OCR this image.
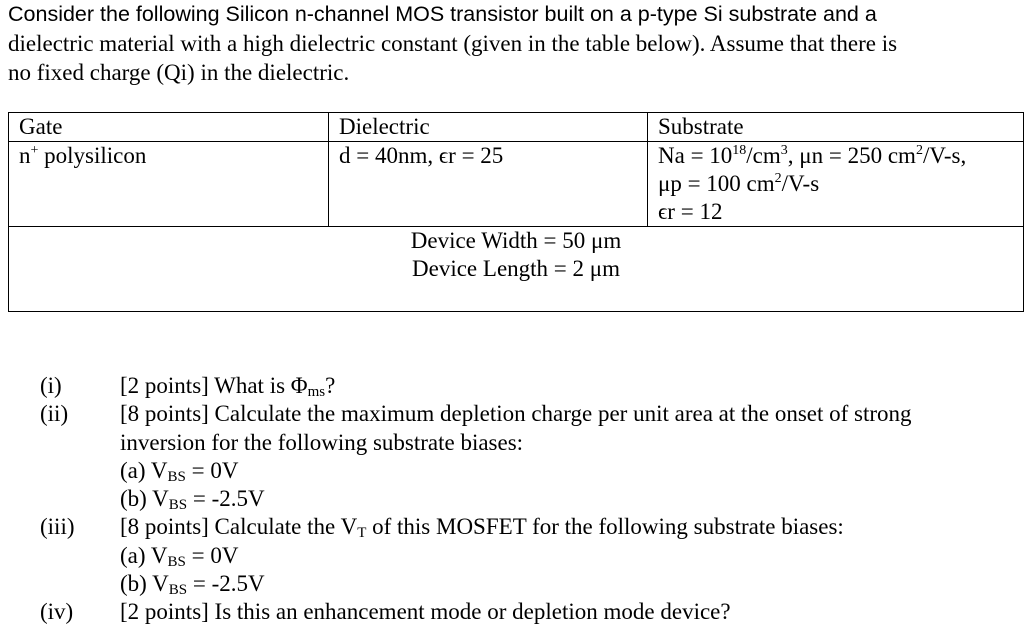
Consider the following Silicon n-channel MOS transistor built on a p-type Si substrate and a
dielectric material with a high dielectric constant (given in the table below). Assume that there is
no fixed charge (Qi) in the dielectric.
Gate	Dielectric	Substrate
n+ polysilicon	d = 40nm, ϵr = 25	$Na = 10^{18}/cm^3$, μn = 250 $cm^2/V-s$,
μp = 100 $cm^2/V-s$
ϵr = 12

Device Width = 50 μm
Device Length = 2 μm		
(i)	[2 points] What is $\Phi_{ms}$?
(ii)	[8 points] Calculate the maximum depletion charge per unit area at the onset of strong
inversion for the following substrate biases:
(a) $V_{BS} = 0V$
(b) $V_{BS} = -2.5V$
(iii)	[8 points] Calculate the $V_T$ of this MOSFET for the following substrate biases:
(a) $V_{BS} = 0V$
(b) $V_{BS} = -2.5V$
(iv)	[2 points] Is this an enhancement mode or depletion mode device?
